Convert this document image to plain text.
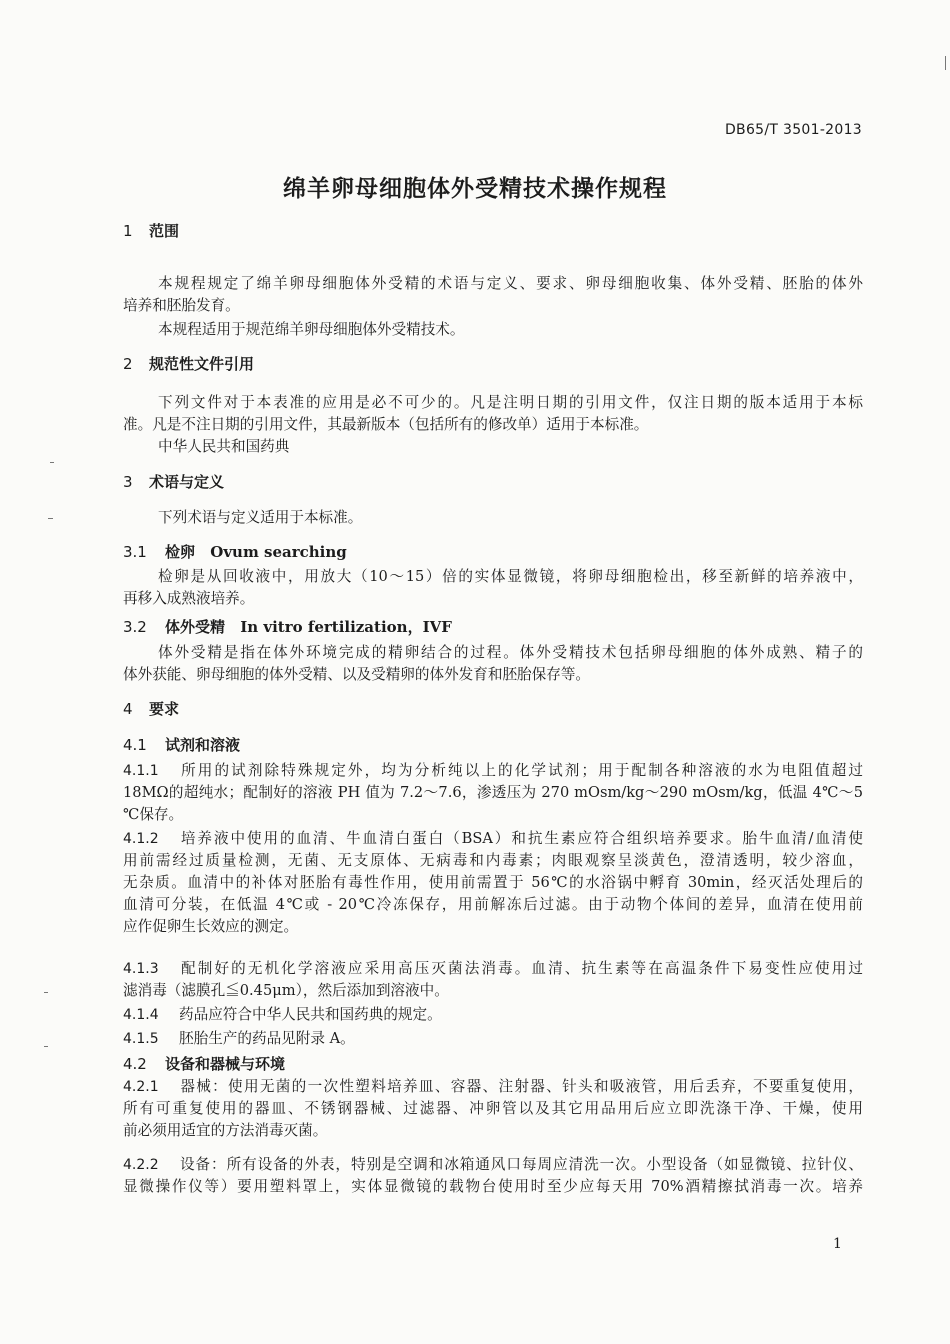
DB65/T 3501-2013
绵羊卵母细胞体外受精技术操作规程
1 范围
本规程规定了绵羊卵母细胞体外受精的术语与定义、要求、卵母细胞收集、体外受精、胚胎的体外
培养和胚胎发育。
本规程适用于规范绵羊卵母细胞体外受精技术。
2 规范性文件引用
下列文件对于本表准的应用是必不可少的。凡是注明日期的引用文件，仅注日期的版本适用于本标
准。凡是不注日期的引用文件，其最新版本（包括所有的修改单）适用于本标准。
中华人民共和国药典
3 术语与定义
下列术语与定义适用于本标准。
3.1 检卵 Ovum searching
检卵是从回收液中，用放大（10～15）倍的实体显微镜，将卵母细胞检出，移至新鲜的培养液中，
再移入成熟液培养。
3.2 体外受精 In vitro fertilization，IVF
体外受精是指在体外环境完成的精卵结合的过程。体外受精技术包括卵母细胞的体外成熟、精子的
体外获能、卵母细胞的体外受精、以及受精卵的体外发育和胚胎保存等。
4 要求
4.1 试剂和溶液
4.1.1 所用的试剂除特殊规定外，均为分析纯以上的化学试剂；用于配制各种溶液的水为电阻值超过
18MΩ的超纯水；配制好的溶液 PH 值为 7.2～7.6，渗透压为 270 mOsm/kg～290 mOsm/kg，低温 4℃～5
℃保存。
4.1.2 培养液中使用的血清、牛血清白蛋白（BSA）和抗生素应符合组织培养要求。胎牛血清/血清使
用前需经过质量检测，无菌、无支原体、无病毒和内毒素；肉眼观察呈淡黄色，澄清透明，较少溶血，
无杂质。血清中的补体对胚胎有毒性作用，使用前需置于 56℃的水浴锅中孵育 30min，经灭活处理后的
血清可分装，在低温 4℃或 - 20℃冷冻保存，用前解冻后过滤。由于动物个体间的差异，血清在使用前
应作促卵生长效应的测定。
4.1.3 配制好的无机化学溶液应采用高压灭菌法消毒。血清、抗生素等在高温条件下易变性应使用过
滤消毒（滤膜孔≦0.45μm），然后添加到溶液中。
4.1.4 药品应符合中华人民共和国药典的规定。
4.1.5 胚胎生产的药品见附录 A。
4.2 设备和器械与环境
4.2.1 器械：使用无菌的一次性塑料培养皿、容器、注射器、针头和吸液管，用后丢弃，不要重复使用，
所有可重复使用的器皿、不锈钢器械、过滤器、冲卵管以及其它用品用后应立即洗涤干净、干燥，使用
前必须用适宜的方法消毒灭菌。
4.2.2 设备：所有设备的外表，特别是空调和冰箱通风口每周应清洗一次。小型设备（如显微镜、拉针仪、
显微操作仪等）要用塑料罩上，实体显微镜的载物台使用时至少应每天用 70%酒精擦拭消毒一次。培养
1
